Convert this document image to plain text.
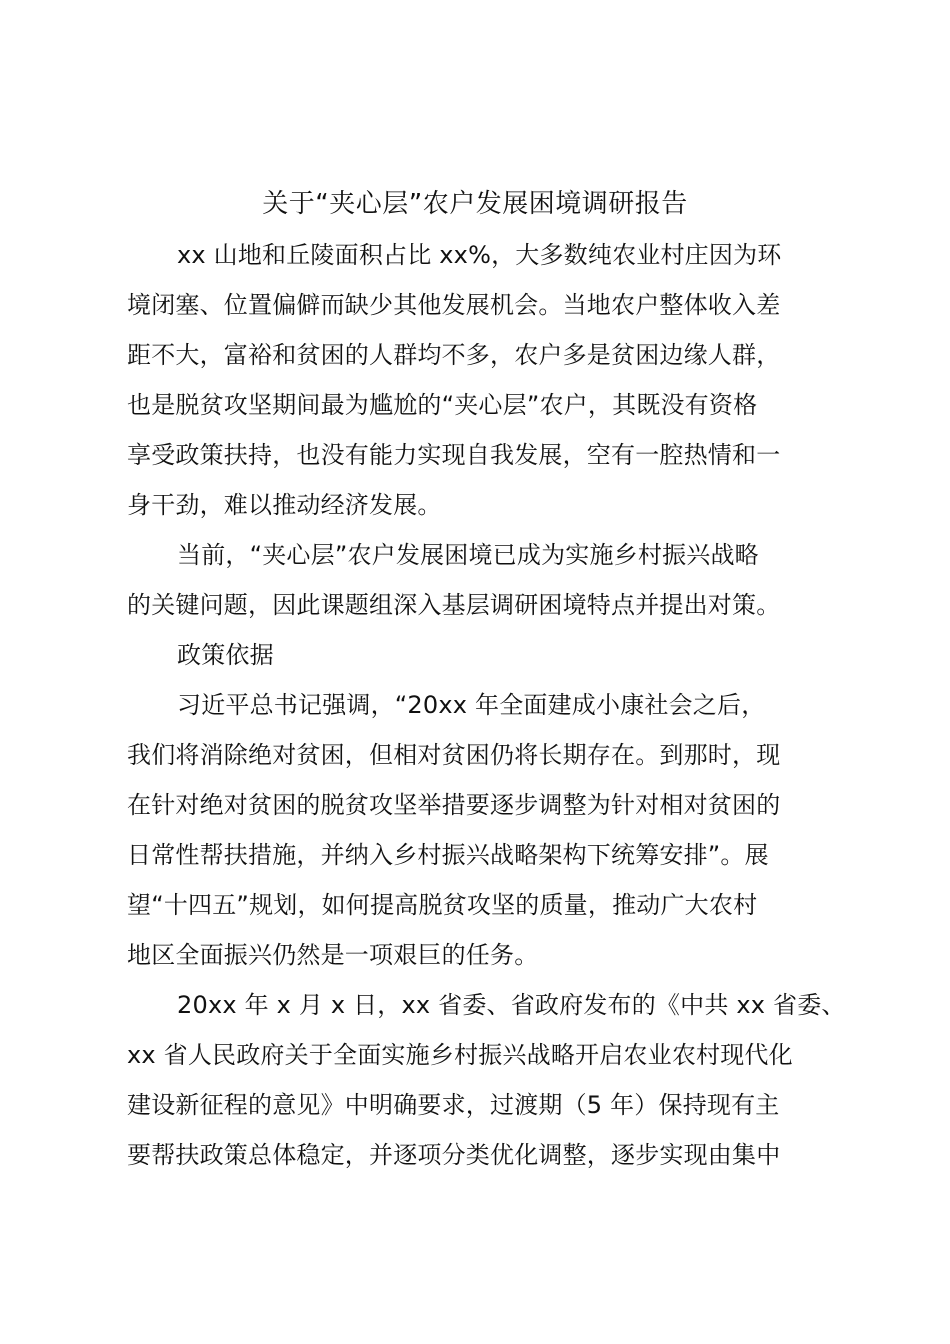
关于“夹心层”农户发展困境调研报告
xx 山地和丘陵面积占比 xx%，大多数纯农业村庄因为环
境闭塞、位置偏僻而缺少其他发展机会。当地农户整体收入差
距不大，富裕和贫困的人群均不多，农户多是贫困边缘人群，
也是脱贫攻坚期间最为尴尬的“夹心层”农户，其既没有资格
享受政策扶持，也没有能力实现自我发展，空有一腔热情和一
身干劲，难以推动经济发展。
当前，“夹心层”农户发展困境已成为实施乡村振兴战略
的关键问题，因此课题组深入基层调研困境特点并提出对策。
政策依据
习近平总书记强调，“20xx 年全面建成小康社会之后，
我们将消除绝对贫困，但相对贫困仍将长期存在。到那时，现
在针对绝对贫困的脱贫攻坚举措要逐步调整为针对相对贫困的
日常性帮扶措施，并纳入乡村振兴战略架构下统筹安排”。展
望“十四五”规划，如何提高脱贫攻坚的质量，推动广大农村
地区全面振兴仍然是一项艰巨的任务。
20xx 年 x 月 x 日，xx 省委、省政府发布的《中共 xx 省委、
xx 省人民政府关于全面实施乡村振兴战略开启农业农村现代化
建设新征程的意见》中明确要求，过渡期（5 年）保持现有主
要帮扶政策总体稳定，并逐项分类优化调整，逐步实现由集中
